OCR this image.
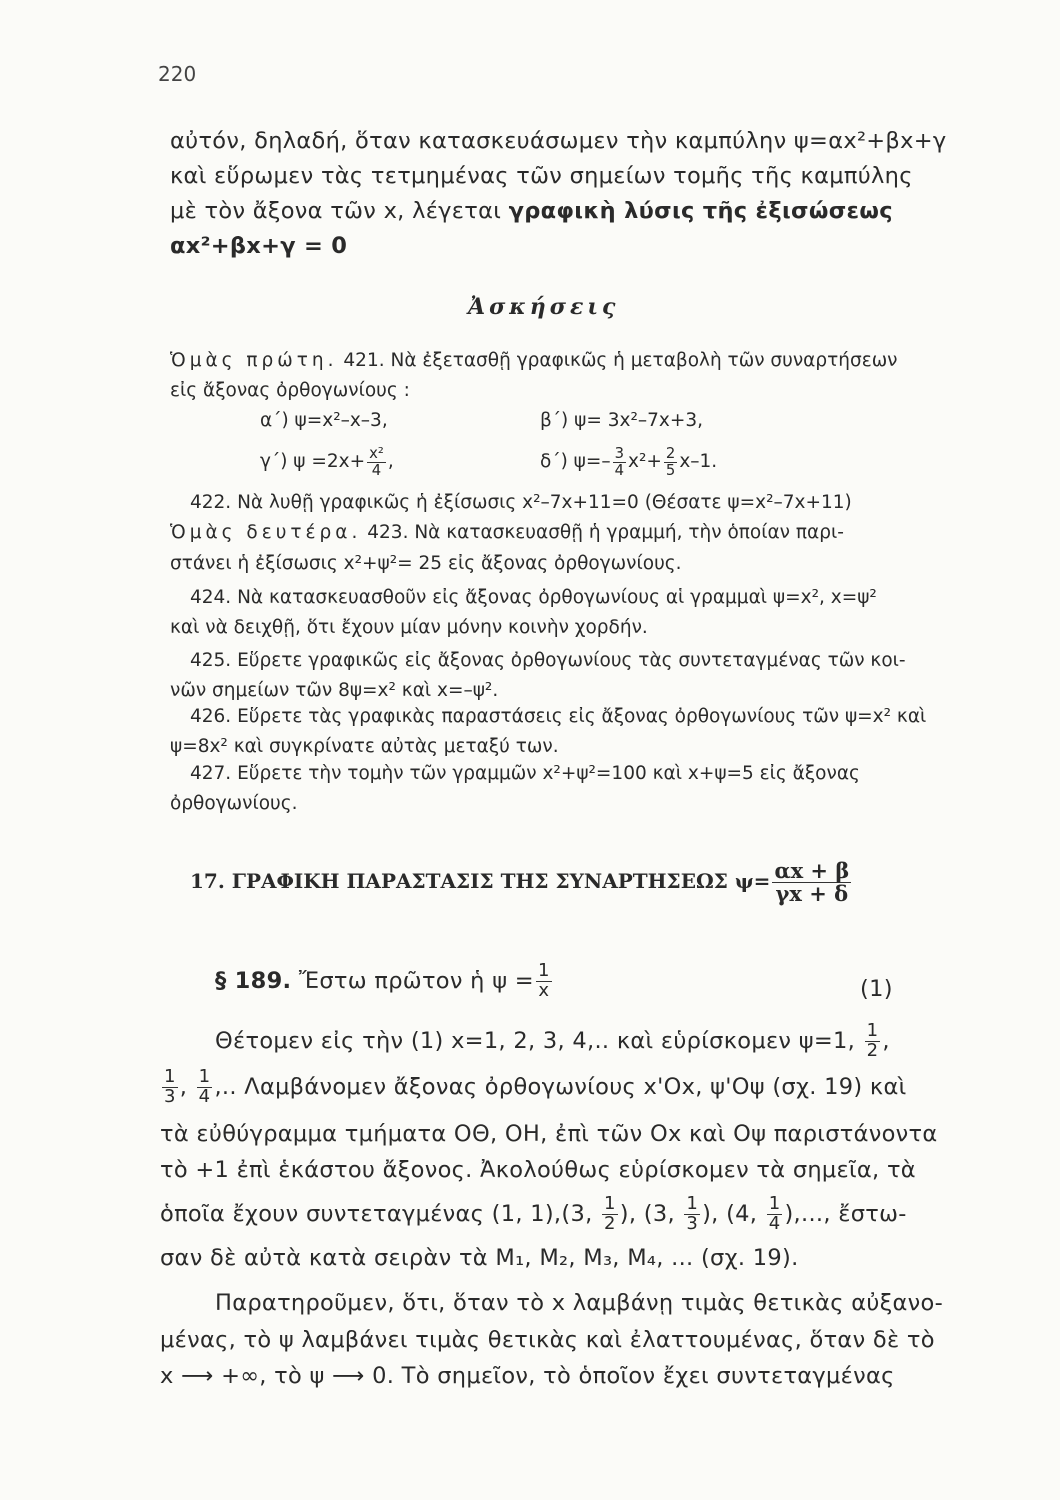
220
αὐτόν, δηλαδή, ὅταν κατασκευάσωμεν τὴν καμπύλην ψ=αx²+βx+γ
καὶ εὕρωμεν τὰς τετμημένας τῶν σημείων τομῆς τῆς καμπύλης
μὲ τὸν ἄξονα τῶν x, λέγεται γραφικὴ λύσις τῆς ἐξισώσεως
αx²+βx+γ = 0
Ἀσκήσεις
Ὁμὰς πρώτη. 421. Νὰ ἐξετασθῇ γραφικῶς ἡ μεταβολὴ τῶν συναρτήσεων
εἰς ἄξονας ὀρθογωνίους :
α΄) ψ=x²–x–3,	β΄) ψ= 3x²–7x+3,
γ΄) $\psi =2x+ \frac{\text{x²}}{4}$ ,	δ΄) $\psi=- \frac{3}{4} x^2+ \frac{2}{5} x-1$.
422. Νὰ λυθῇ γραφικῶς ἡ ἐξίσωσις x²–7x+11=0 (Θέσατε ψ=x²–7x+11)
Ὁμὰς δευτέρα. 423. Νὰ κατασκευασθῇ ἡ γραμμή, τὴν ὁποίαν παρι-
στάνει ἡ ἐξίσωσις x²+ψ²= 25 εἰς ἄξονας ὀρθογωνίους.
424. Νὰ κατασκευασθοῦν εἰς ἄξονας ὀρθογωνίους αἱ γραμμαὶ ψ=x², x=ψ²
καὶ νὰ δειχθῇ, ὅτι ἔχουν μίαν μόνην κοινὴν χορδήν.
425. Εὕρετε γραφικῶς εἰς ἄξονας ὀρθογωνίους τὰς συντεταγμένας τῶν κοι-
νῶν σημείων τῶν 8ψ=x² καὶ x=–ψ².
426. Εὕρετε τὰς γραφικὰς παραστάσεις εἰς ἄξονας ὀρθογωνίους τῶν ψ=x² καὶ
ψ=8x² καὶ συγκρίνατε αὐτὰς μεταξύ των.
427. Εὕρετε τὴν τομὴν τῶν γραμμῶν x²+ψ²=100 καὶ x+ψ=5 εἰς ἄξονας
ὀρθογωνίους.
17. ΓΡΑΦΙΚΗ ΠΑΡΑΣΤΑΣΙΣ ΤΗΣ ΣΥΝΑΡΤΗΣΕΩΣ $\psi= \frac{\alpha x + \beta}{\gamma x + \delta}$
§ 189. Ἔστω πρῶτον ἡ $\psi = \frac{1}{x}$	(1)
Θέτομεν εἰς τὴν (1) x=1, 2, 3, 4,.. καὶ εὑρίσκομεν ψ=1, $\frac{1}{2}$ ,
$\frac{1}{3}$ , $\frac{1}{4}$ ,.. Λαμβάνομεν ἄξονας ὀρθογωνίους x'Ox, ψ'Oψ (σχ. 19) καὶ
τὰ εὐθύγραμμα τμήματα ΟΘ, ΟΗ, ἐπὶ τῶν Ox καὶ Oψ παριστάνοντα
τὸ +1 ἐπὶ ἑκάστου ἄξονος. Ἀκολούθως εὑρίσκομεν τὰ σημεῖα, τὰ
ὁποῖα ἔχουν συντεταγμένας (1, 1),(3, $\frac{1}{2}$ ), (3, $\frac{1}{3}$ ), (4, $\frac{1}{4}$ ),..., ἔστω-
σαν δὲ αὐτὰ κατὰ σειρὰν τὰ M₁, M₂, M₃, M₄, ... (σχ. 19).
Παρατηροῦμεν, ὅτι, ὅταν τὸ x λαμβάνῃ τιμὰς θετικὰς αὐξανο-
μένας, τὸ ψ λαμβάνει τιμὰς θετικὰς καὶ ἐλαττουμένας, ὅταν δὲ τὸ
x ⟶ +∞, τὸ ψ ⟶ 0. Τὸ σημεῖον, τὸ ὁποῖον ἔχει συντεταγμένας
